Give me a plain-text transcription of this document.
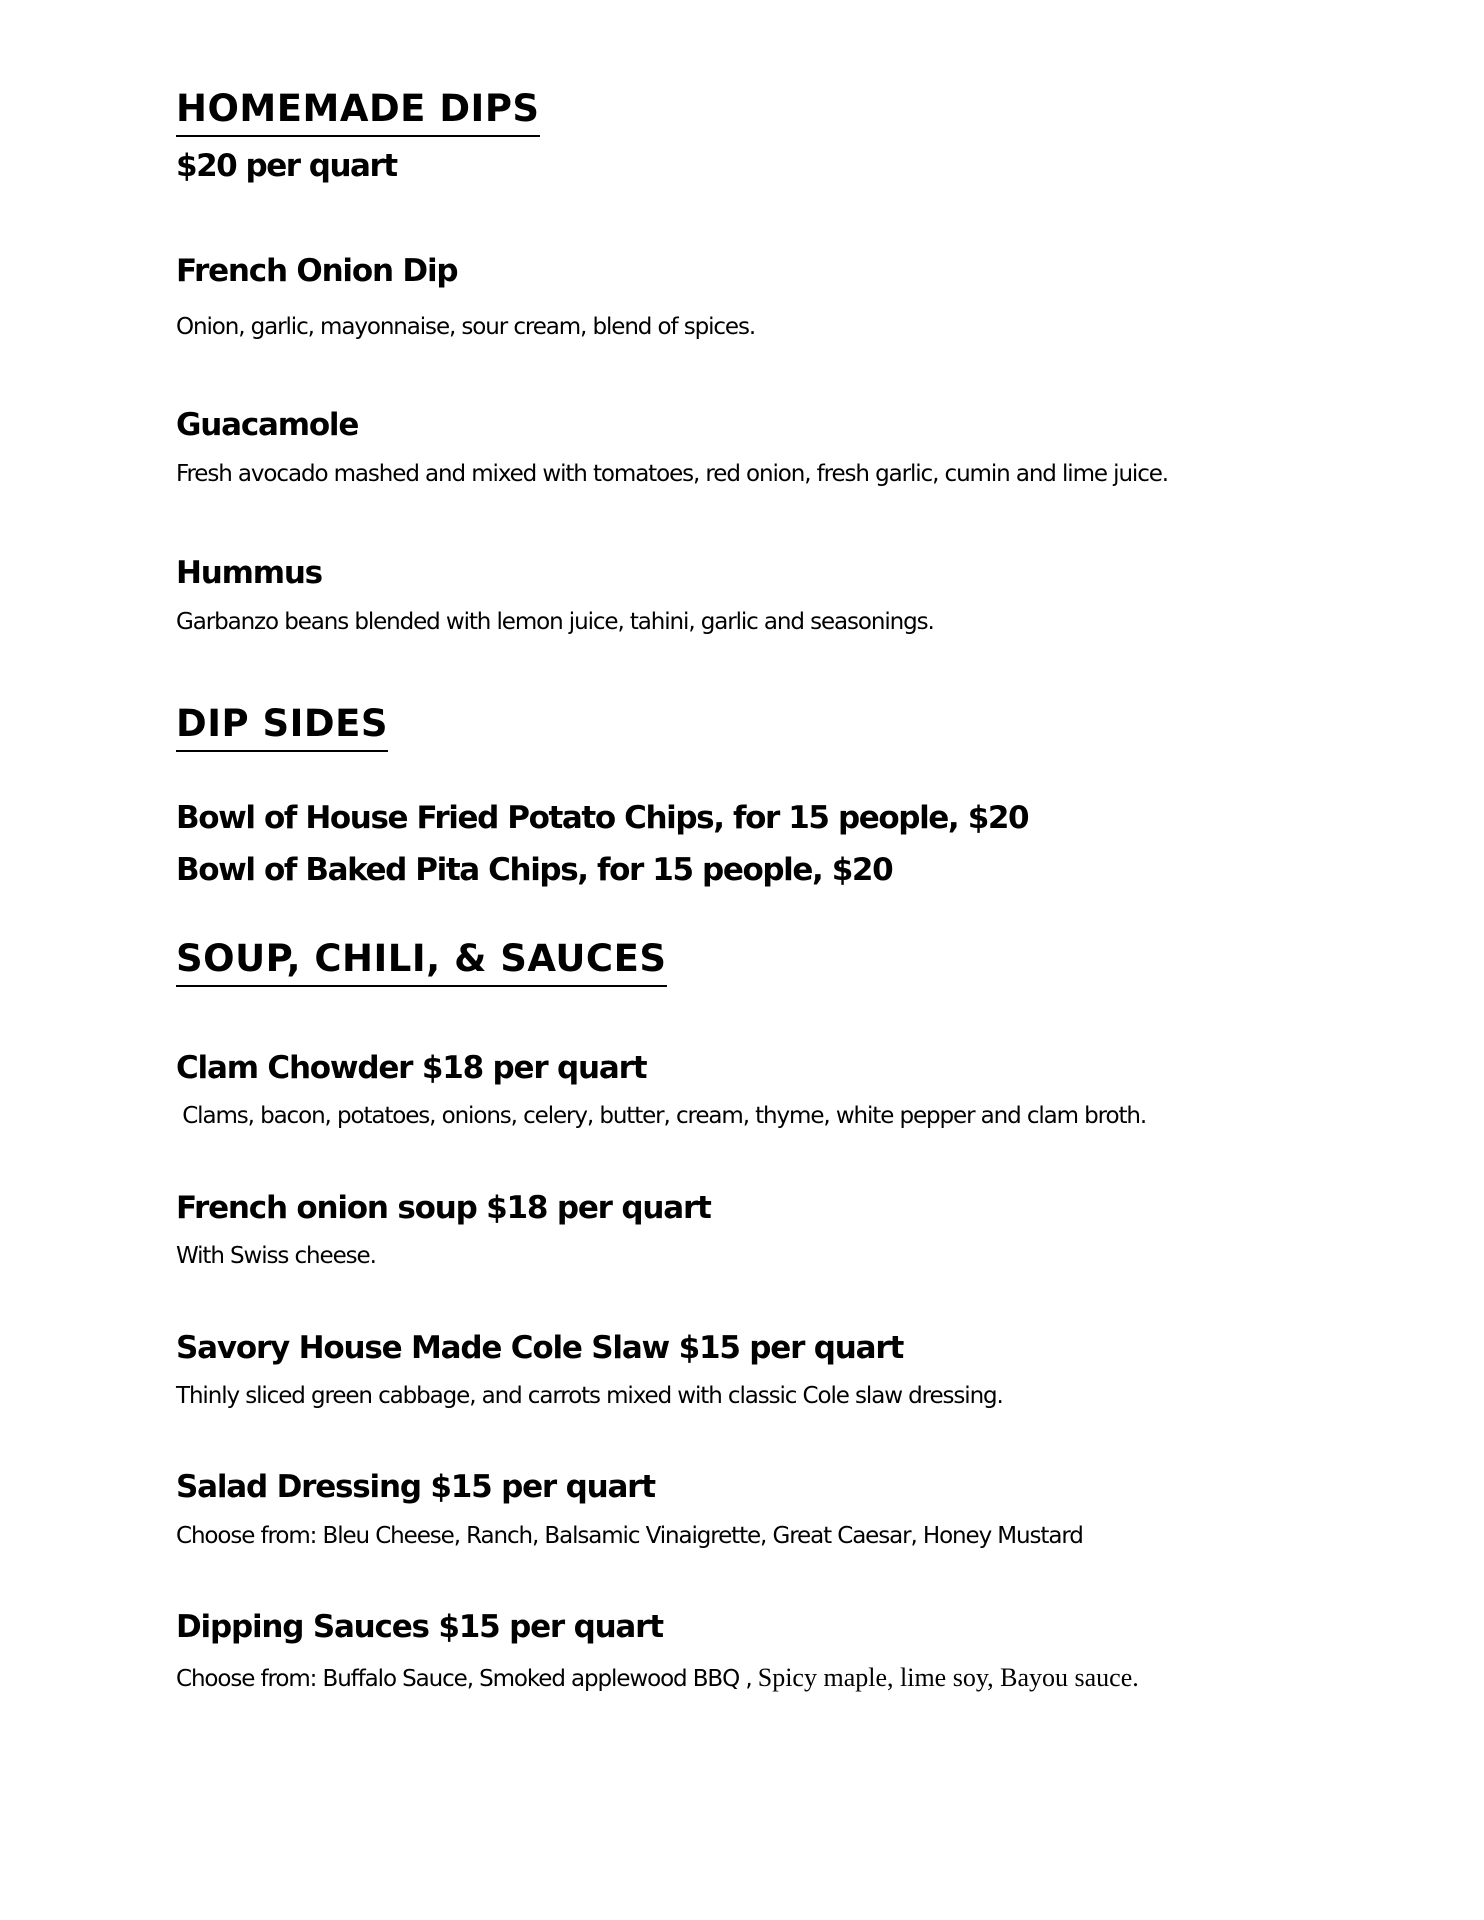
HOMEMADE DIPS
$20 per quart
French Onion Dip
Onion, garlic, mayonnaise, sour cream, blend of spices.
Guacamole
Fresh avocado mashed and mixed with tomatoes, red onion, fresh garlic, cumin and lime juice.
Hummus
Garbanzo beans blended with lemon juice, tahini, garlic and seasonings.
DIP SIDES
Bowl of House Fried Potato Chips, for 15 people, $20
Bowl of Baked Pita Chips, for 15 people, $20
SOUP, CHILI, & SAUCES
Clam Chowder $18 per quart
Clams, bacon, potatoes, onions, celery, butter, cream, thyme, white pepper and clam broth.
French onion soup $18 per quart
With Swiss cheese.
Savory House Made Cole Slaw $15 per quart
Thinly sliced green cabbage, and carrots mixed with classic Cole slaw dressing.
Salad Dressing $15 per quart
Choose from: Bleu Cheese, Ranch, Balsamic Vinaigrette, Great Caesar, Honey Mustard
Dipping Sauces $15 per quart
Choose from: Buffalo Sauce, Smoked applewood BBQ , Spicy maple, lime soy, Bayou sauce.
